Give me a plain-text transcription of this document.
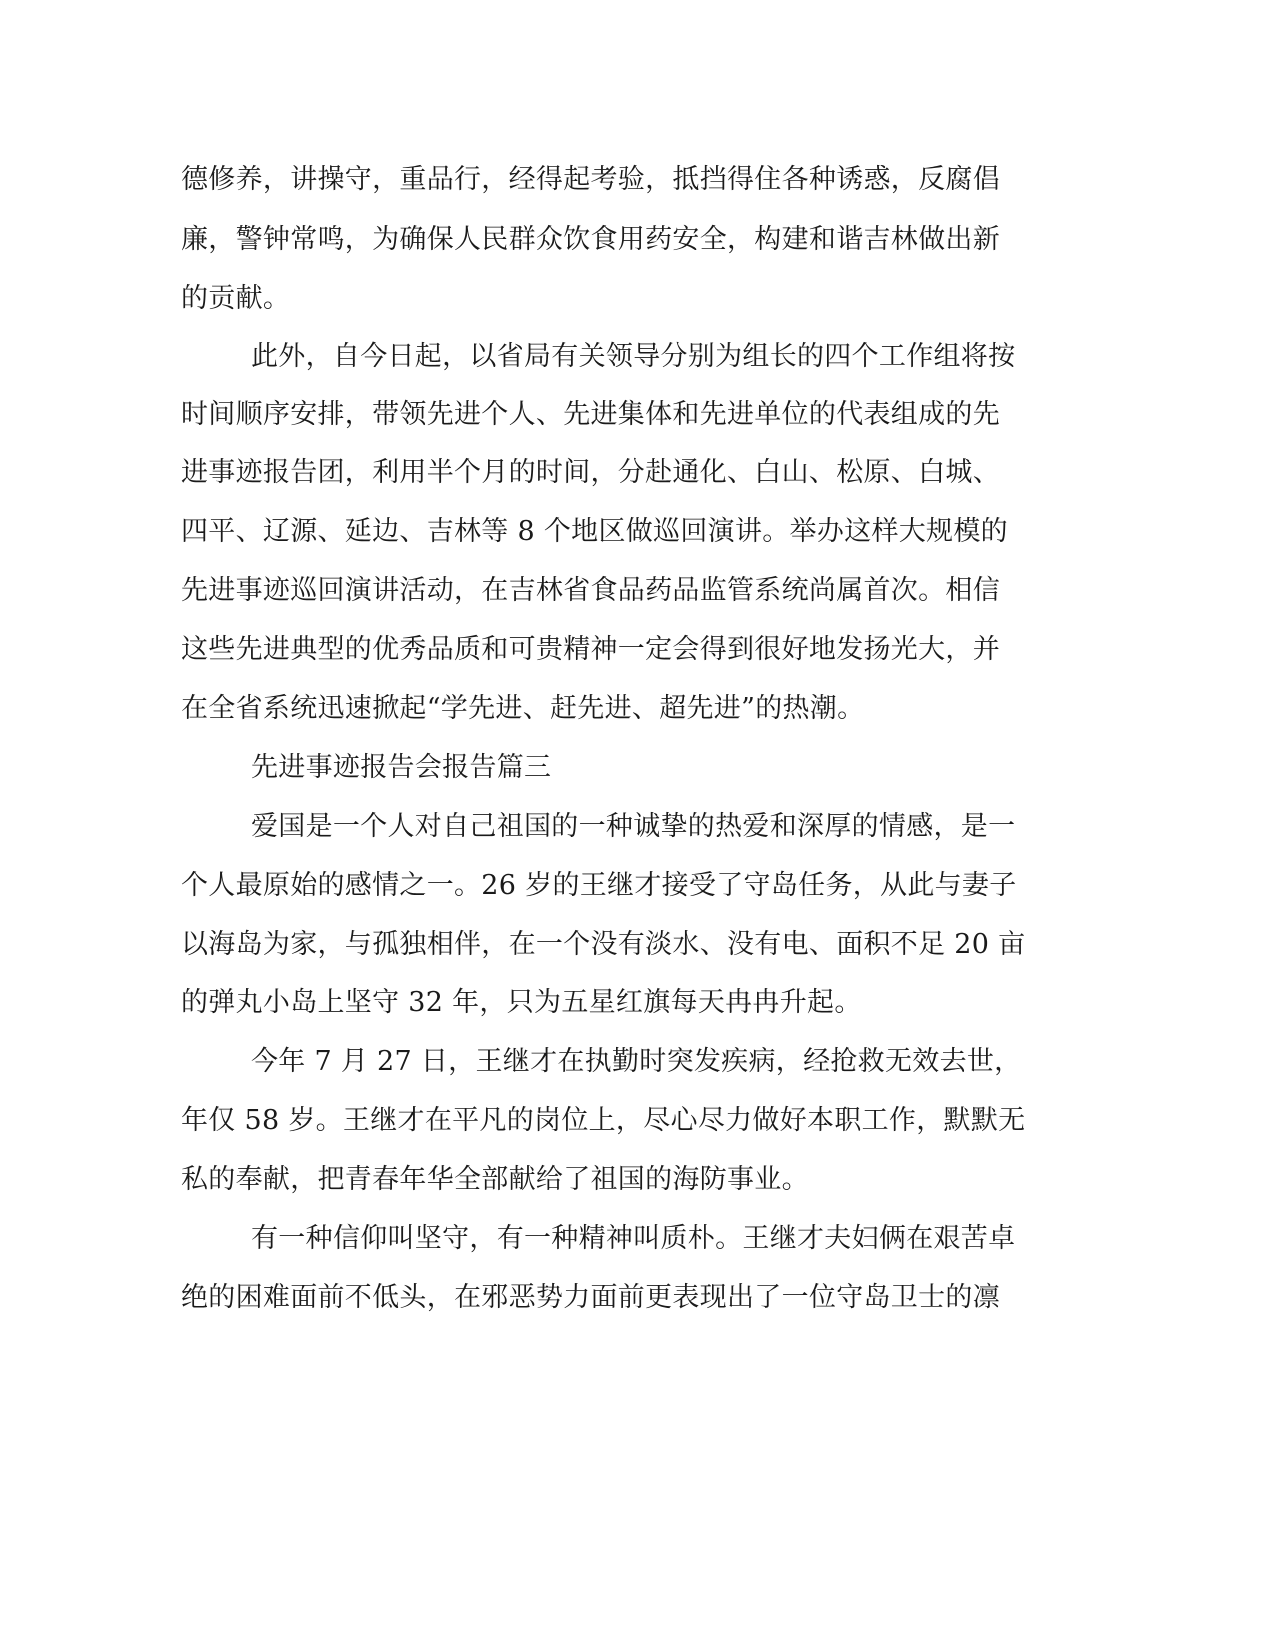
德修养，讲操守，重品行，经得起考验，抵挡得住各种诱惑，反腐倡
廉，警钟常鸣，为确保人民群众饮食用药安全，构建和谐吉林做出新
的贡献。
此外，自今日起，以省局有关领导分别为组长的四个工作组将按
时间顺序安排，带领先进个人、先进集体和先进单位的代表组成的先
进事迹报告团，利用半个月的时间，分赴通化、白山、松原、白城、
四平、辽源、延边、吉林等 8 个地区做巡回演讲。举办这样大规模的
先进事迹巡回演讲活动，在吉林省食品药品监管系统尚属首次。相信
这些先进典型的优秀品质和可贵精神一定会得到很好地发扬光大，并
在全省系统迅速掀起“学先进、赶先进、超先进”的热潮。
先进事迹报告会报告篇三
爱国是一个人对自己祖国的一种诚挚的热爱和深厚的情感，是一
个人最原始的感情之一。26 岁的王继才接受了守岛任务，从此与妻子
以海岛为家，与孤独相伴，在一个没有淡水、没有电、面积不足 20 亩
的弹丸小岛上坚守 32 年，只为五星红旗每天冉冉升起。
今年 7 月 27 日，王继才在执勤时突发疾病，经抢救无效去世，
年仅 58 岁。王继才在平凡的岗位上，尽心尽力做好本职工作，默默无
私的奉献，把青春年华全部献给了祖国的海防事业。
有一种信仰叫坚守，有一种精神叫质朴。王继才夫妇俩在艰苦卓
绝的困难面前不低头，在邪恶势力面前更表现出了一位守岛卫士的凛
